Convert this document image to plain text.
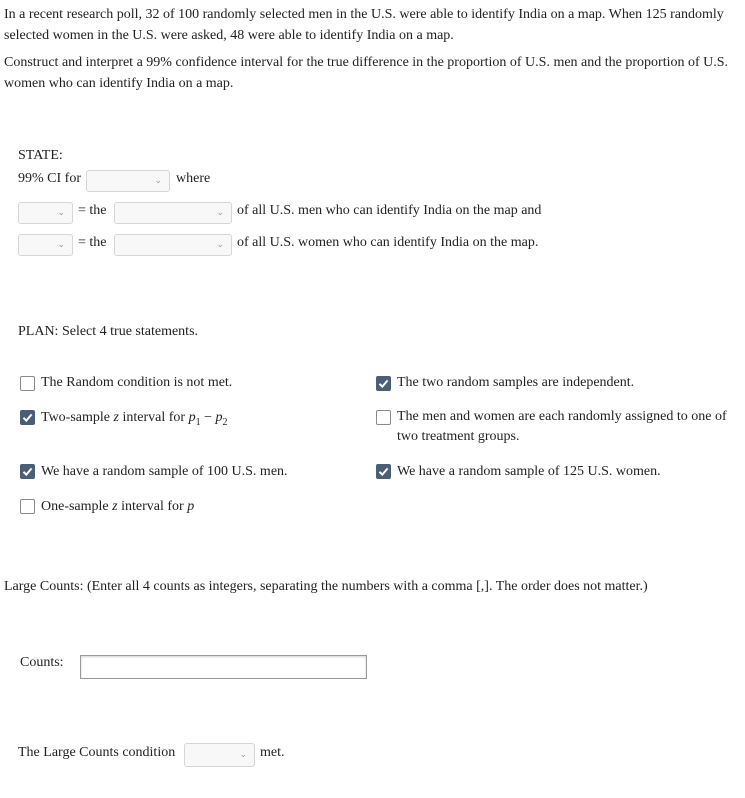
In a recent research poll, 32 of 100 randomly selected men in the U.S. were able to identify India on a map. When 125 randomly selected women in the U.S. were asked, 48 were able to identify India on a map.

Construct and interpret a 99% confidence interval for the true difference in the proportion of U.S. men and the proportion of U.S. women who can identify India on a map.

STATE:
99% CI for	⌄ where
⌄ = the	⌄ of all U.S. men who can identify India on the map and
⌄ = the	⌄ of all U.S. women who can identify India on the map.
PLAN: Select 4 true statements.
The Random condition is not met.	The two random samples are independent.
Two-sample z interval for $p_1 - p_2$	The men and women are each randomly assigned to one of two treatment groups.
We have a random sample of 100 U.S. men.	We have a random sample of 125 U.S. women.
One-sample z interval for p
Large Counts: (Enter all 4 counts as integers, separating the numbers with a comma [,]. The order does not matter.)
Counts:
The Large Counts condition	⌄ met.
